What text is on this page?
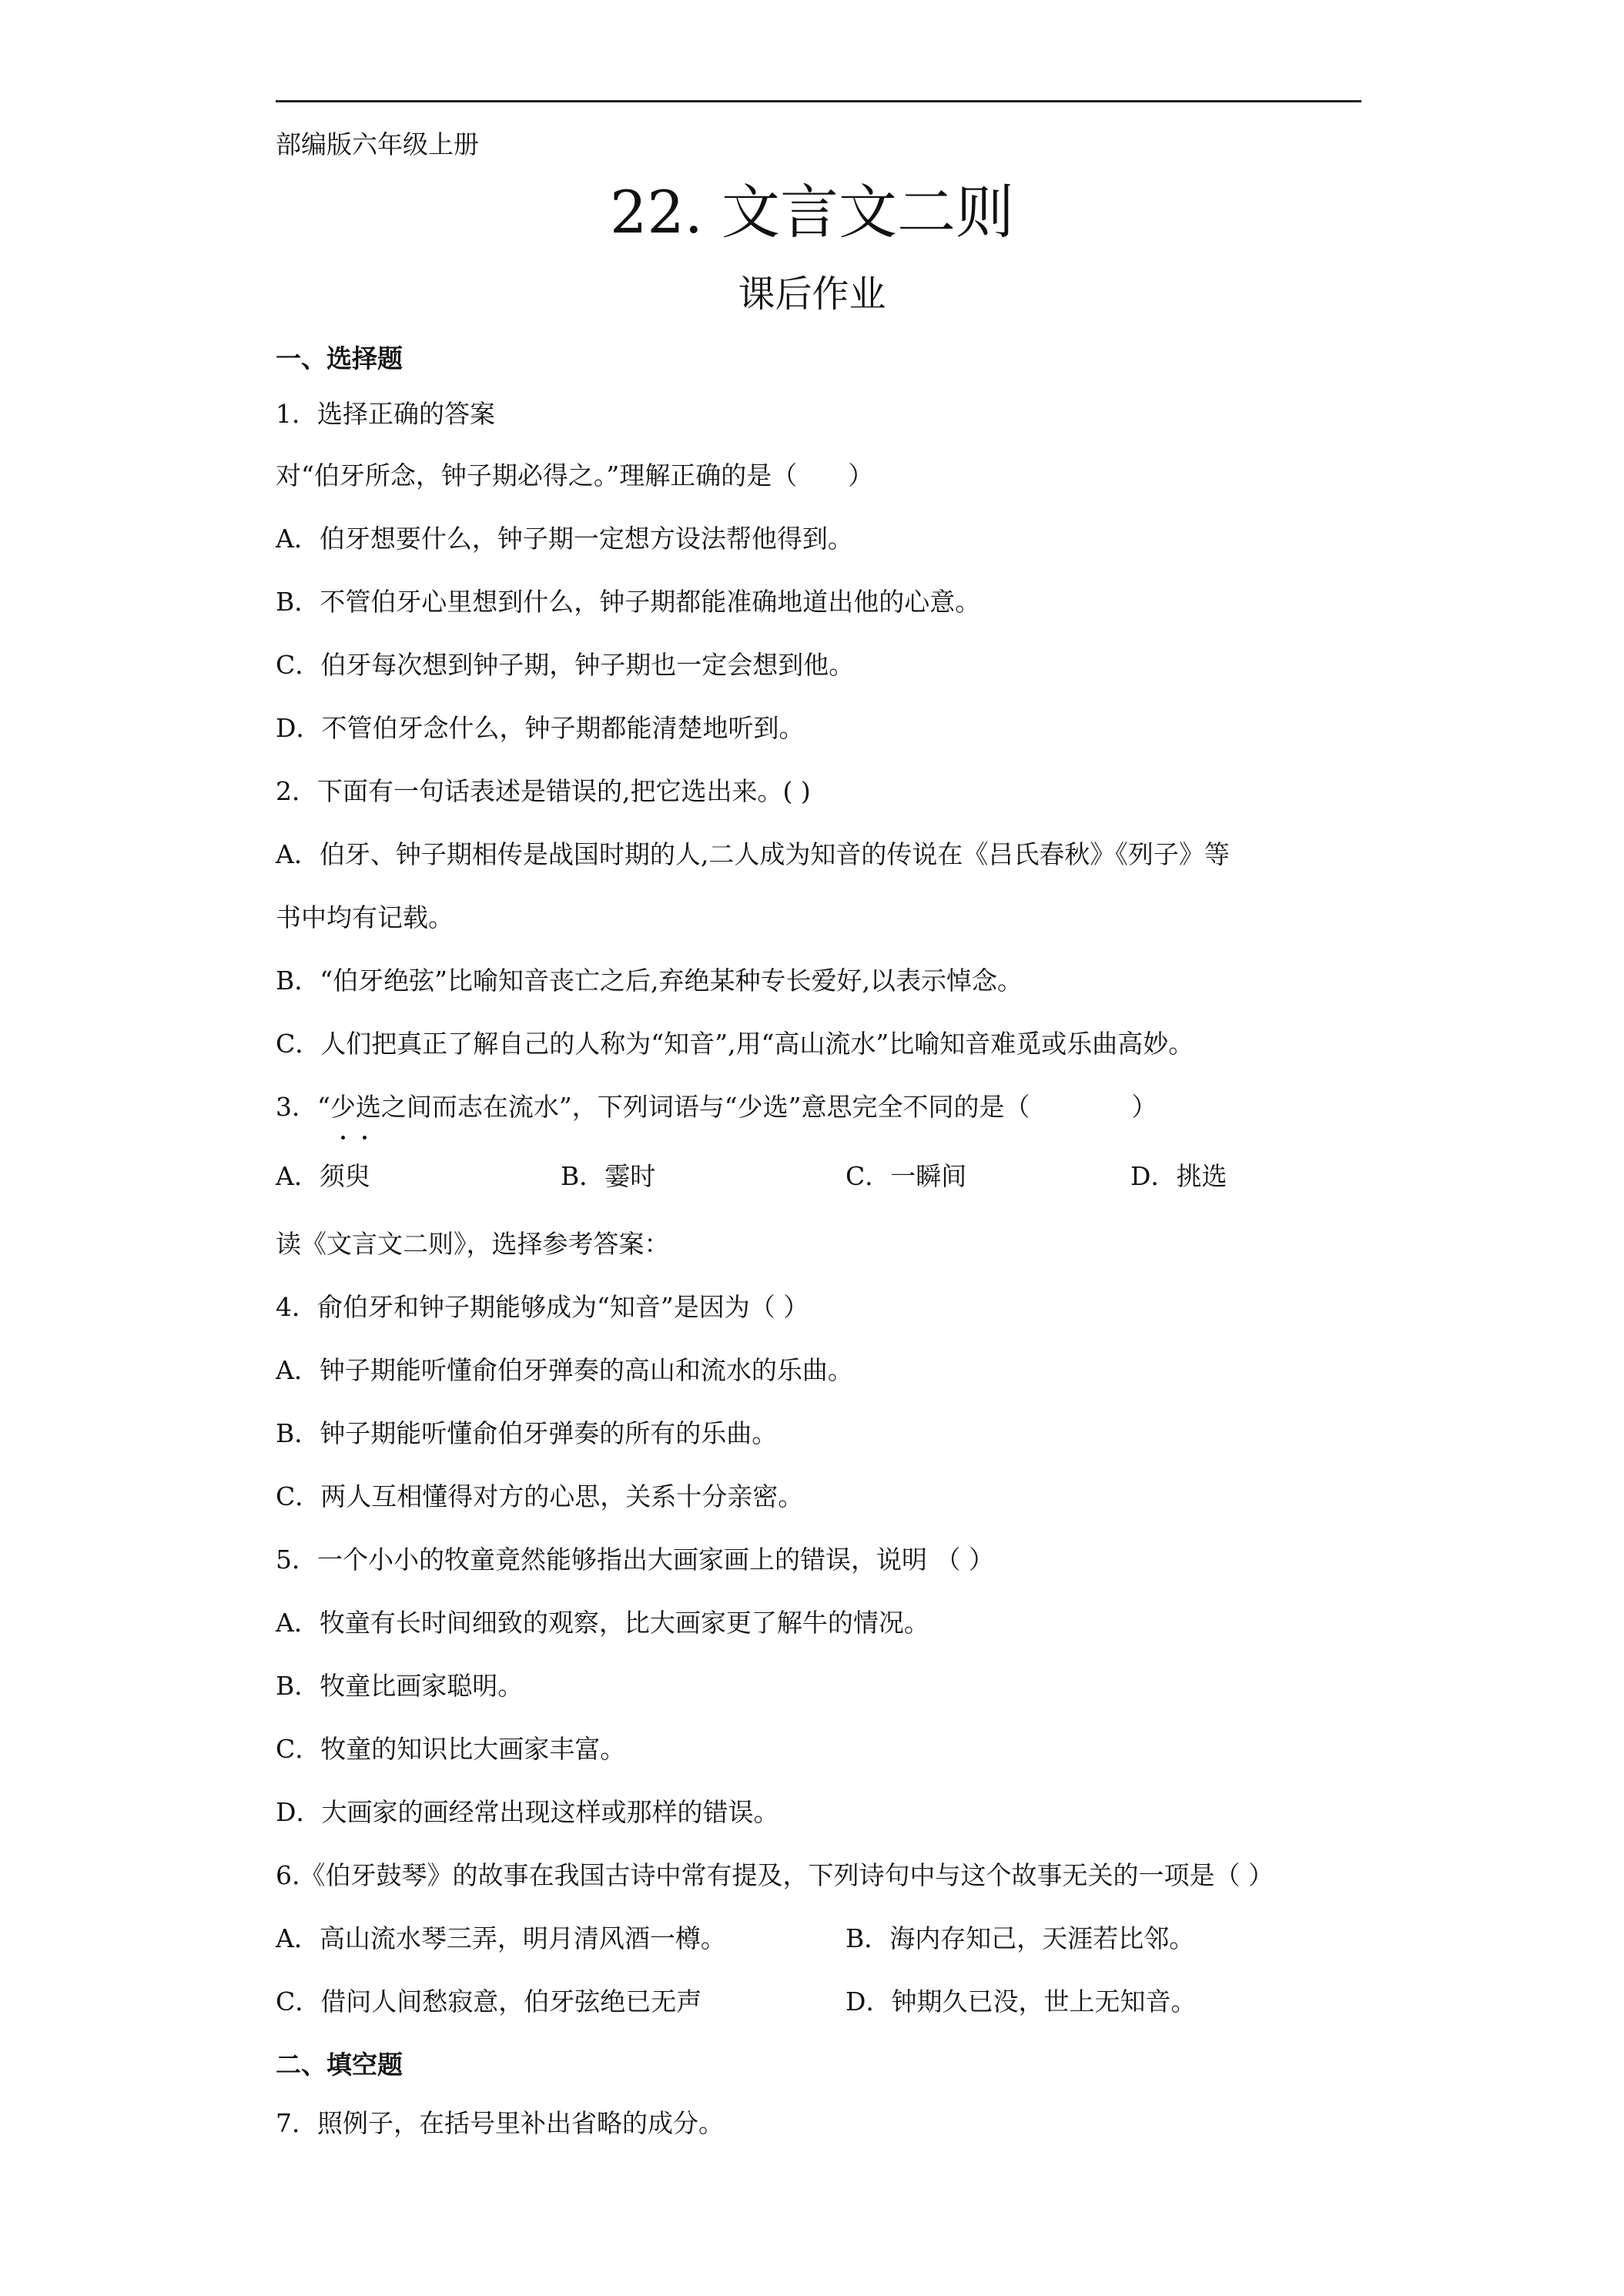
部编版六年级上册
22. 文言文二则
课后作业
一、选择题
1．选择正确的答案
对“伯牙所念，钟子期必得之。”理解正确的是（　　）
A．伯牙想要什么，钟子期一定想方设法帮他得到。
B．不管伯牙心里想到什么，钟子期都能准确地道出他的心意。
C．伯牙每次想到钟子期，钟子期也一定会想到他。
D．不管伯牙念什么，钟子期都能清楚地听到。
2．下面有一句话表述是错误的,把它选出来。( )
A．伯牙、钟子期相传是战国时期的人,二人成为知音的传说在《吕氏春秋》《列子》等
书中均有记载。
B．“伯牙绝弦”比喻知音丧亡之后,弃绝某种专长爱好,以表示悼念。
C．人们把真正了解自己的人称为“知音”,用“高山流水”比喻知音难觅或乐曲高妙。
3．“少选之间而志在流水”，下列词语与“少选”意思完全不同的是（　　　　）
A．须臾	B．霎时	C．一瞬间	D．挑选
读《文言文二则》，选择参考答案：
4．俞伯牙和钟子期能够成为“知音”是因为（ ）
A．钟子期能听懂俞伯牙弹奏的高山和流水的乐曲。
B．钟子期能听懂俞伯牙弹奏的所有的乐曲。
C．两人互相懂得对方的心思，关系十分亲密。
5．一个小小的牧童竟然能够指出大画家画上的错误，说明 （ ）
A．牧童有长时间细致的观察，比大画家更了解牛的情况。
B．牧童比画家聪明。
C．牧童的知识比大画家丰富。
D．大画家的画经常出现这样或那样的错误。
6.《伯牙鼓琴》的故事在我国古诗中常有提及，下列诗句中与这个故事无关的一项是（ ）
A．高山流水琴三弄，明月清风酒一樽。	B．海内存知己，天涯若比邻。
C．借问人间愁寂意，伯牙弦绝已无声	D．钟期久已没，世上无知音。
二、填空题
7．照例子，在括号里补出省略的成分。
